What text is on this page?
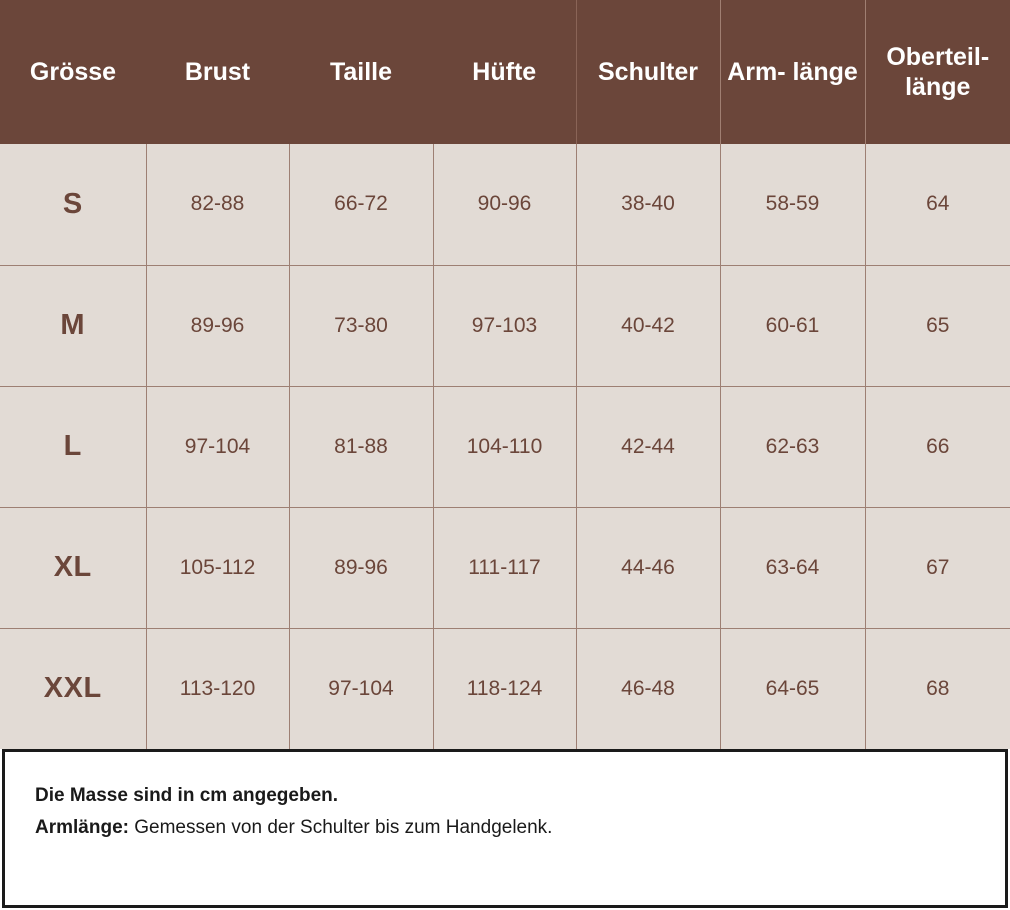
Grösse	Brust	Taille	Hüfte	Schulter	Arm- länge	Oberteil- länge
S	82-88	66-72	90-96	38-40	58-59	64
M	89-96	73-80	97-103	40-42	60-61	65
L	97-104	81-88	104-110	42-44	62-63	66
XL	105-112	89-96	111-117	44-46	63-64	67
XXL	113-120	97-104	118-124	46-48	64-65	68
Die Masse sind in cm angegeben.
Armlänge: Gemessen von der Schulter bis zum Handgelenk.
